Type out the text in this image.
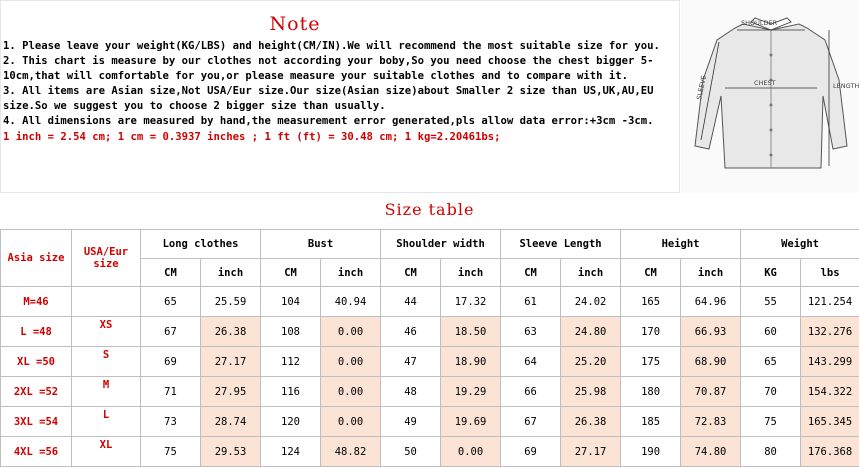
Note

1. Please leave your weight(KG/LBS) and height(CM/IN).We will recommend the most suitable size for you.

2. This chart is measure by our clothes not according your boby,So you need choose the chest bigger 5-10cm,that will comfortable for you,or please measure your suitable clothes and to compare with it.

3. All items are Asian size,Not USA/Eur size.Our size(Asian size)about Smaller 2 size than US,UK,AU,EU size.So we suggest you to choose 2 bigger size than usually.

4. All dimensions are measured by hand,the measurement error generated,pls allow data error:+3cm -3cm.

1 inch = 2.54 cm; 1 cm = 0.3937 inches ; 1 ft (ft) = 30.48 cm; 1 kg=2.20461bs;

SHOULDER
CHEST	LENGTH
SLEEVE
Size table
Asia size	USA/Eur size	Long clothes		Bust		Shoulder width		Sleeve Length		Height		Weight	
		CM	inch	CM	inch	CM	inch	CM	inch	CM	inch	KG	lbs
M=46		65	25.59	104	40.94	44	17.32	61	24.02	165	64.96	55	121.254
L =48	XS	67	26.38	108	0.00	46	18.50	63	24.80	170	66.93	60	132.276
XL =50	S	69	27.17	112	0.00	47	18.90	64	25.20	175	68.90	65	143.299
2XL =52	M	71	27.95	116	0.00	48	19.29	66	25.98	180	70.87	70	154.322
3XL =54	L	73	28.74	120	0.00	49	19.69	67	26.38	185	72.83	75	165.345
4XL =56	XL	75	29.53	124	48.82	50	0.00	69	27.17	190	74.80	80	176.368
